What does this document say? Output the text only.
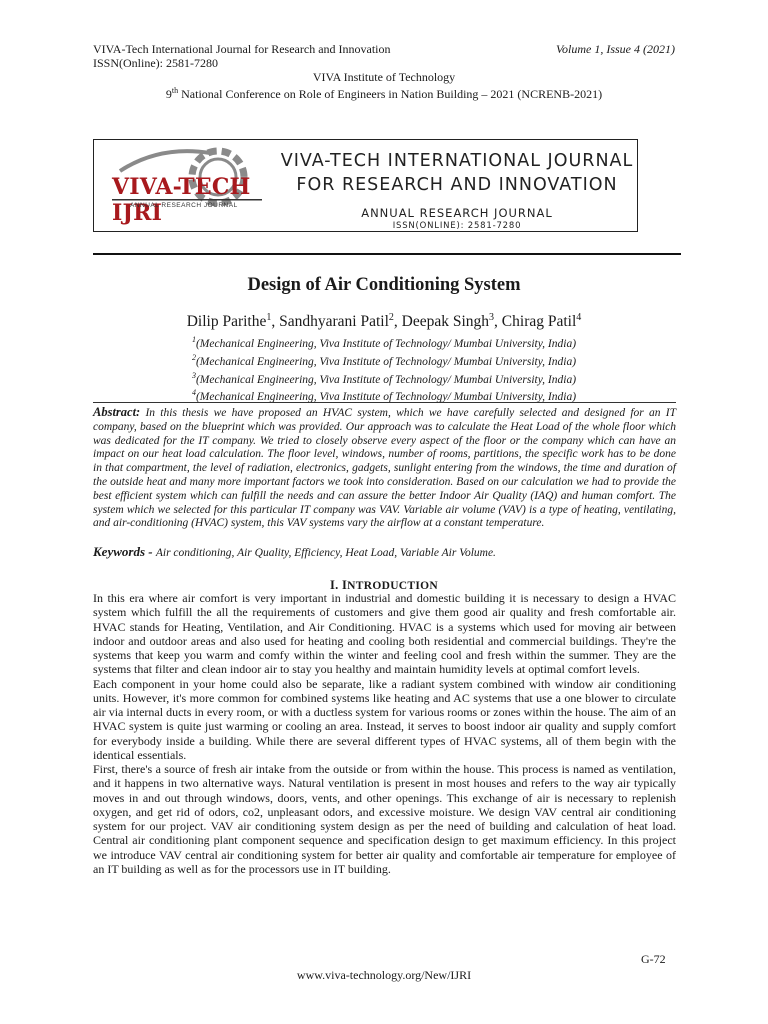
VIVA-Tech International Journal for Research and Innovation	Volume 1, Issue 4 (2021)
ISSN(Online): 2581-7280
VIVA Institute of Technology
9th National Conference on Role of Engineers in Nation Building – 2021 (NCRENB-2021)
VIVA-TECH IJRI
ANNUAL RESEARCH JOURNAL
VIVA-TECH INTERNATIONAL JOURNAL
FOR RESEARCH AND INNOVATION
ANNUAL RESEARCH JOURNAL
ISSN(ONLINE): 2581-7280
Design of Air Conditioning System
Dilip Parithe$^1$, Sandhyarani Patil$^2$, Deepak Singh$^3$, Chirag Patil$^4$
$^1$(Mechanical Engineering, Viva Institute of Technology/ Mumbai University, India)
$^2$(Mechanical Engineering, Viva Institute of Technology/ Mumbai University, India)
$^3$(Mechanical Engineering, Viva Institute of Technology/ Mumbai University, India)
$^4$(Mechanical Engineering, Viva Institute of Technology/ Mumbai University, India)
Abstract: In this thesis we have proposed an HVAC system, which we have carefully selected and designed for an IT company, based on the blueprint which was provided. Our approach was to calculate the Heat Load of the whole floor which was dedicated for the IT company. We tried to closely observe every aspect of the floor or the company which can have an impact on our heat load calculation. The floor level, windows, number of rooms, partitions, the specific work has to be done in that compartment, the level of radiation, electronics, gadgets, sunlight entering from the windows, the time and duration of the outside heat and many more important factors we took into consideration. Based on our calculation we had to provide the best efficient system which can fulfill the needs and can assure the better Indoor Air Quality (IAQ) and human comfort. The system which we selected for this particular IT company was VAV. Variable air volume (VAV) is a type of heating, ventilating, and air-conditioning (HVAC) system, this VAV systems vary the airflow at a constant temperature.
Keywords - Air conditioning, Air Quality, Efficiency, Heat Load, Variable Air Volume.
I. INTRODUCTION

In this era where air comfort is very important in industrial and domestic building it is necessary to design a HVAC system which fulfill the all the requirements of customers and give them good air quality and fresh comfortable air. HVAC stands for Heating, Ventilation, and Air Conditioning. HVAC is a systems which used for moving air between indoor and outdoor areas and also used for heating and cooling both residential and commercial buildings. They're the systems that keep you warm and comfy within the winter and feeling cool and fresh within the summer. They are the systems that filter and clean indoor air to stay you healthy and maintain humidity levels at optimal comfort levels.

Each component in your home could also be separate, like a radiant system combined with window air conditioning units. However, it's more common for combined systems like heating and AC systems that use a one blower to circulate air via internal ducts in every room, or with a ductless system for various rooms or zones within the house. The aim of an HVAC system is quite just warming or cooling an area. Instead, it serves to boost indoor air quality and supply comfort for everybody inside a building. While there are several different types of HVAC systems, all of them begin with the identical essentials.

First, there's a source of fresh air intake from the outside or from within the house. This process is named as ventilation, and it happens in two alternative ways. Natural ventilation is present in most houses and refers to the way air typically moves in and out through windows, doors, vents, and other openings. This exchange of air is necessary to replenish oxygen, and get rid of odors, co2, unpleasant odors, and excessive moisture. We design VAV central air conditioning system for our project. VAV air conditioning system design as per the need of building and calculation of heat load. Central air conditioning plant component sequence and specification design to get maximum efficiency. In this project we introduce VAV central air conditioning system for better air quality and comfortable air temperature for employee of an IT building as well as for the processors use in IT building.

G-72
www.viva-technology.org/New/IJRI
